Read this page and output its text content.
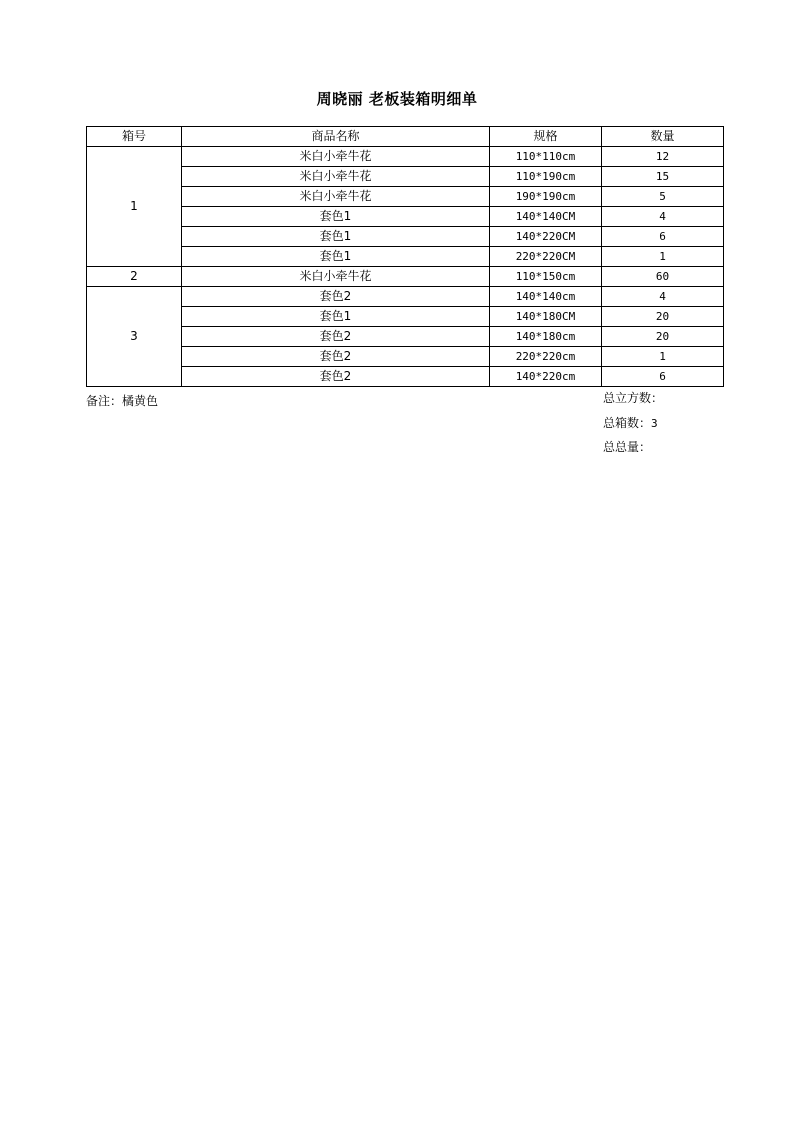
周晓丽 老板装箱明细单
箱号	商品名称	规格	数量
1	米白小牵牛花	110*110cm	12
	米白小牵牛花	110*190cm	15
	米白小牵牛花	190*190cm	5
	套色1	140*140CM	4
	套色1	140*220CM	6
	套色1	220*220CM	1
2	米白小牵牛花	110*150cm	60
3	套色2	140*140cm	4
	套色1	140*180CM	20
	套色2	140*180cm	20
	套色2	220*220cm	1
	套色2	140*220cm	6
备注：橘黄色	总立方数：
总箱数：3
总总量：
